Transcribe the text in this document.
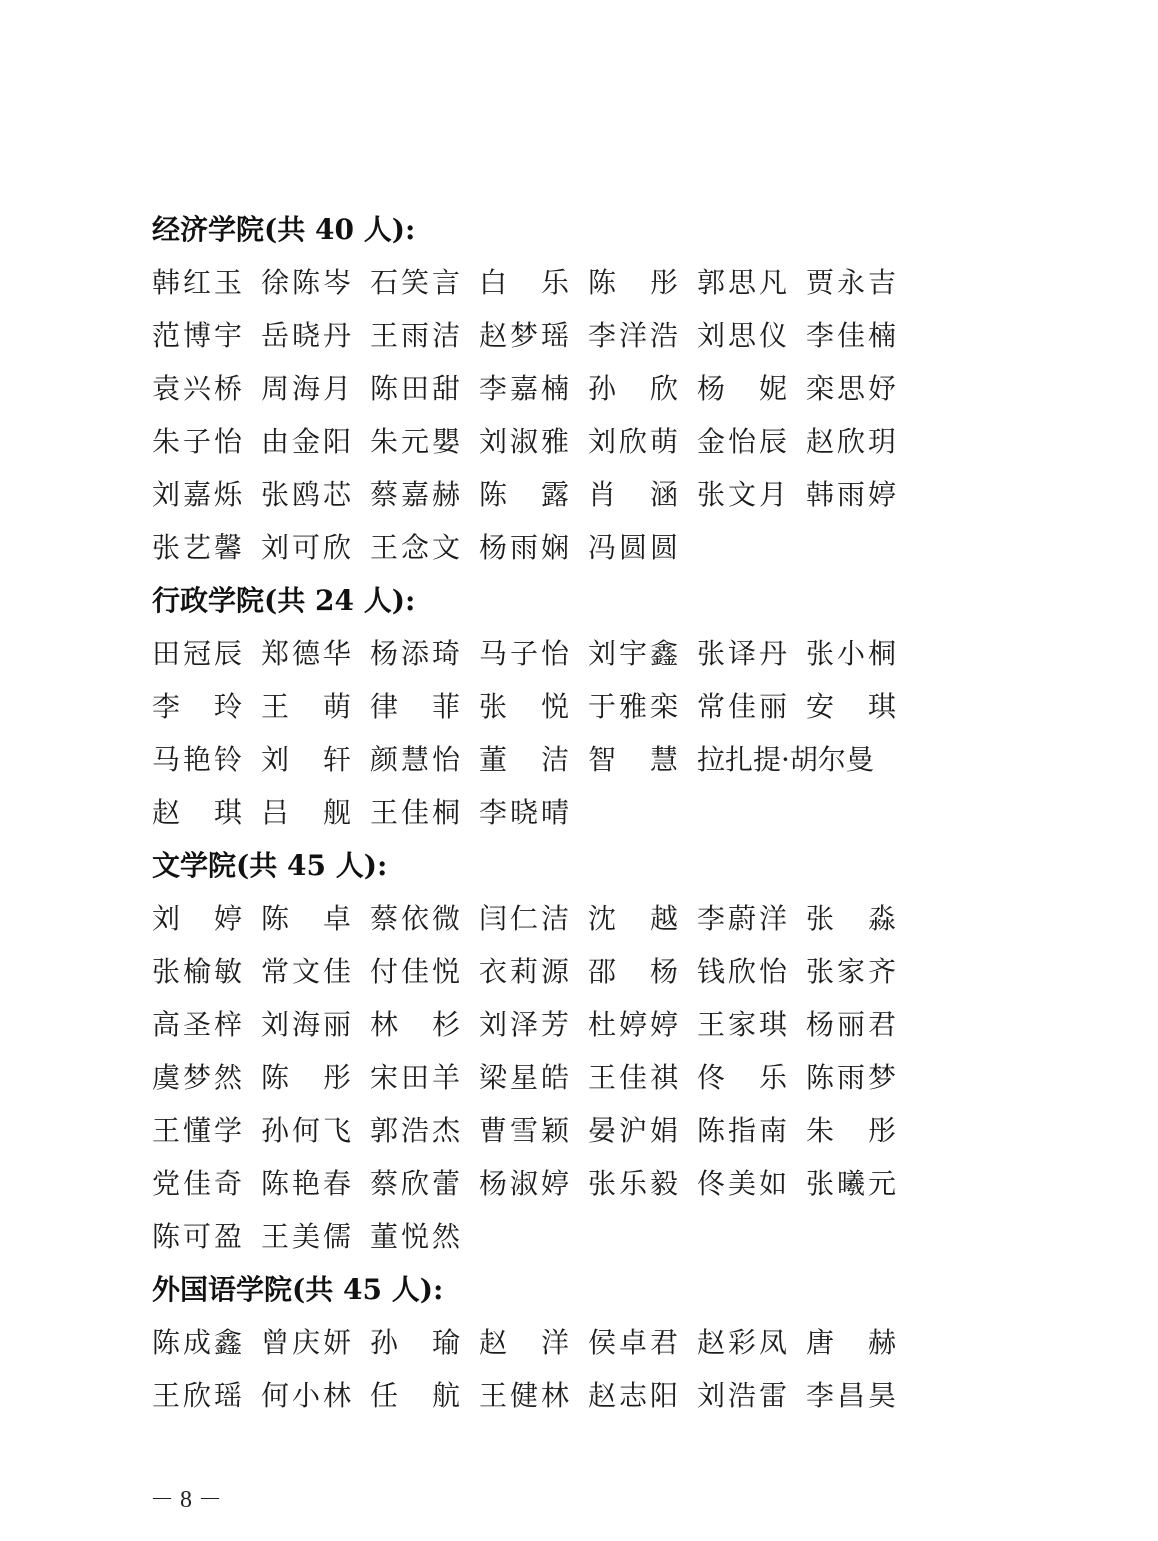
经济学院(共 40 人):
韩红玉 徐陈岑 石笑言 白　乐 陈　彤 郭思凡 贾永吉
范博宇 岳晓丹 王雨洁 赵梦瑶 李洋浩 刘思仪 李佳楠
袁兴桥 周海月 陈田甜 李嘉楠 孙　欣 杨　妮 栾思妤
朱子怡 由金阳 朱元嬰 刘淑雅 刘欣萌 金怡辰 赵欣玥
刘嘉烁 张鸥芯 蔡嘉赫 陈　露 肖　涵 张文月 韩雨婷
张艺馨 刘可欣 王念文 杨雨娴 冯圆圆
行政学院(共 24 人):
田冠辰 郑德华 杨添琦 马子怡 刘宇鑫 张译丹 张小桐
李　玲 王　萌 律　菲 张　悦 于雅栾 常佳丽 安　琪
马艳铃 刘　轩 颜慧怡 董　洁 智　慧 拉扎提·胡尔曼
赵　琪 吕　舰 王佳桐 李晓晴
文学院(共 45 人):
刘　婷 陈　卓 蔡依微 闫仁洁 沈　越 李蔚洋 张　淼
张榆敏 常文佳 付佳悦 衣莉源 邵　杨 钱欣怡 张家齐
高圣梓 刘海丽 林　杉 刘泽芳 杜婷婷 王家琪 杨丽君
虞梦然 陈　彤 宋田羊 梁星皓 王佳祺 佟　乐 陈雨梦
王懂学 孙何飞 郭浩杰 曹雪颖 晏沪娟 陈指南 朱　彤
党佳奇 陈艳春 蔡欣蕾 杨淑婷 张乐毅 佟美如 张曦元
陈可盈 王美儒 董悦然
外国语学院(共 45 人):
陈成鑫 曾庆妍 孙　瑜 赵　洋 侯卓君 赵彩凤 唐　赫
王欣瑶 何小林 任　航 王健林 赵志阳 刘浩雷 李昌昊
－ 8 －
